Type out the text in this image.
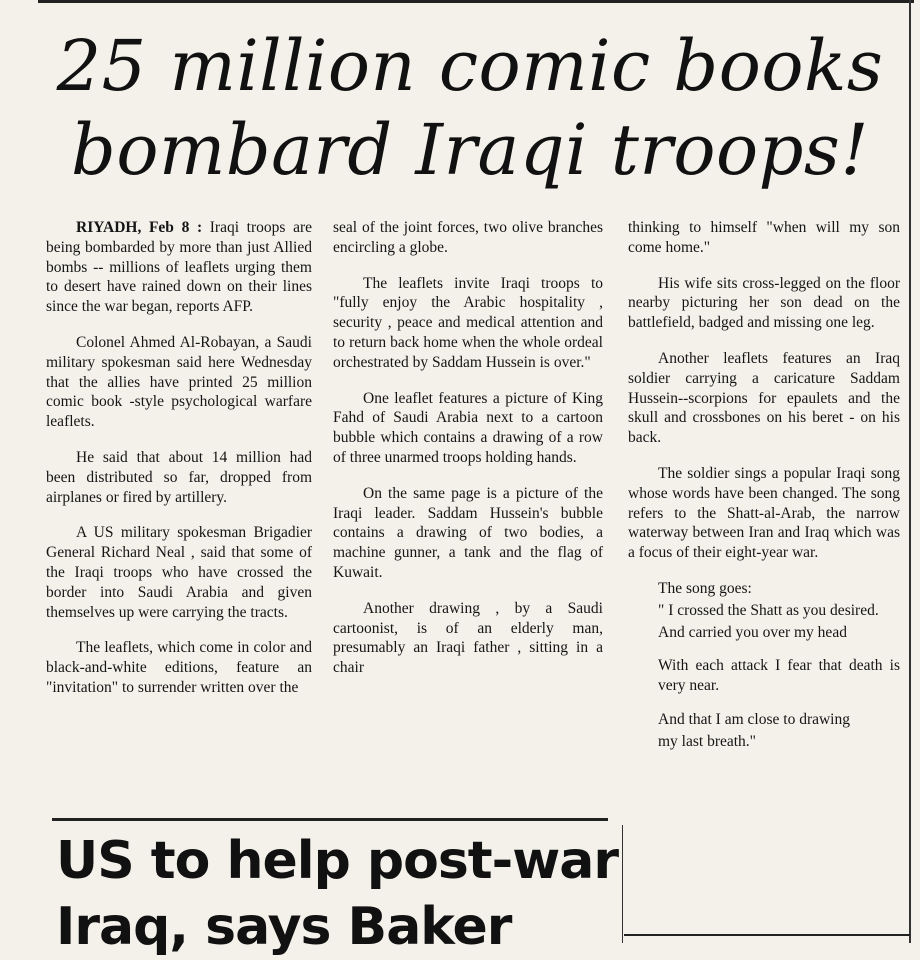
25 million comic books
bombard Iraqi troops!

RIYADH, Feb 8 : Iraqi troops are being bombarded by more than just Allied bombs -- millions of leaflets urging them to desert have rained down on their lines since the war began, reports AFP.

Colonel Ahmed Al-Robayan, a Saudi military spokesman said here Wednesday that the allies have printed 25 million comic book -style psychological warfare leaflets.

He said that about 14 million had been distributed so far, dropped from airplanes or fired by artillery.

A US military spokesman Brigadier General Richard Neal , said that some of the Iraqi troops who have crossed the border into Saudi Arabia and given themselves up were carrying the tracts.

The leaflets, which come in color and black-and-white editions, feature an "invitation" to surrender written over the

seal of the joint forces, two olive branches encircling a globe.

The leaflets invite Iraqi troops to "fully enjoy the Arabic hospitality , security , peace and medical attention and to return back home when the whole ordeal orchestrated by Saddam Hussein is over."

One leaflet features a picture of King Fahd of Saudi Arabia next to a cartoon bubble which contains a drawing of a row of three unarmed troops holding hands.

On the same page is a picture of the Iraqi leader. Saddam Hussein's bubble contains a drawing of two bodies, a machine gunner, a tank and the flag of Kuwait.

Another drawing , by a Saudi cartoonist, is of an elderly man, presumably an Iraqi father , sitting in a chair

thinking to himself "when will my son come home."

His wife sits cross-legged on the floor nearby picturing her son dead on the battlefield, badged and missing one leg.

Another leaflets features an Iraq soldier carrying a caricature Saddam Hussein--scorpions for epaulets and the skull and crossbones on his beret - on his back.

The soldier sings a popular Iraqi song whose words have been changed. The song refers to the Shatt-al-Arab, the narrow waterway between Iran and Iraq which was a focus of their eight-year war.

The song goes:

" I crossed the Shatt as you desired.

And carried you over my head

With each attack I fear that death is very near.

And that I am close to drawing

my last breath."

US to help post-war
Iraq, says Baker
